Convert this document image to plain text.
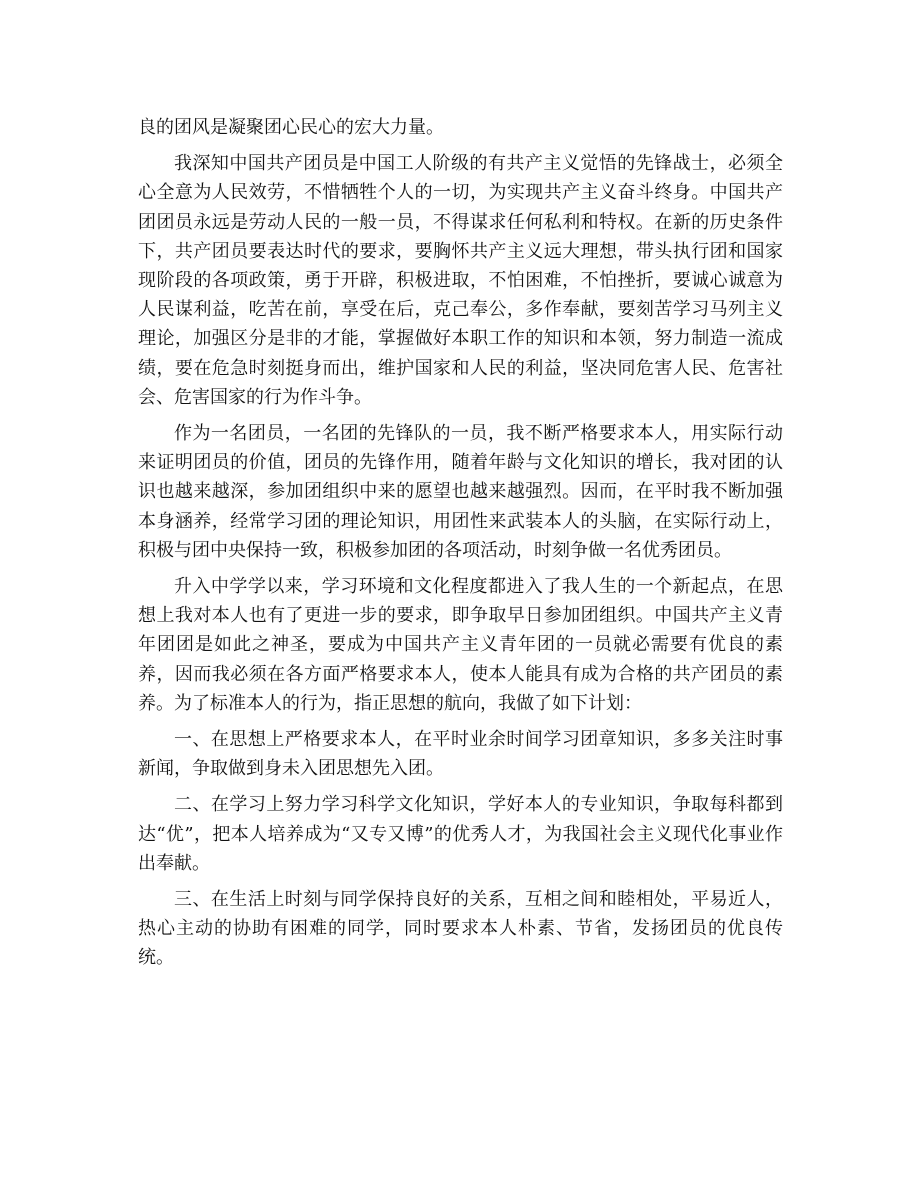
良的团风是凝聚团心民心的宏大力量。

我深知中国共产团员是中国工人阶级的有共产主义觉悟的先锋战士，必须全心全意为人民效劳，不惜牺牲个人的一切，为实现共产主义奋斗终身。中国共产团团员永远是劳动人民的一般一员，不得谋求任何私利和特权。在新的历史条件下，共产团员要表达时代的要求，要胸怀共产主义远大理想，带头执行团和国家现阶段的各项政策，勇于开辟，积极进取，不怕困难，不怕挫折，要诚心诚意为人民谋利益，吃苦在前，享受在后，克己奉公，多作奉献，要刻苦学习马列主义理论，加强区分是非的才能，掌握做好本职工作的知识和本领，努力制造一流成绩，要在危急时刻挺身而出，维护国家和人民的利益，坚决同危害人民、危害社会、危害国家的行为作斗争。

作为一名团员，一名团的先锋队的一员，我不断严格要求本人，用实际行动来证明团员的价值，团员的先锋作用，随着年龄与文化知识的增长，我对团的认识也越来越深，参加团组织中来的愿望也越来越强烈。因而，在平时我不断加强本身涵养，经常学习团的理论知识，用团性来武装本人的头脑，在实际行动上，积极与团中央保持一致，积极参加团的各项活动，时刻争做一名优秀团员。

升入中学学以来，学习环境和文化程度都进入了我人生的一个新起点，在思想上我对本人也有了更进一步的要求，即争取早日参加团组织。中国共产主义青年团团是如此之神圣，要成为中国共产主义青年团的一员就必需要有优良的素养，因而我必须在各方面严格要求本人，使本人能具有成为合格的共产团员的素养。为了标准本人的行为，指正思想的航向，我做了如下计划：

一、在思想上严格要求本人，在平时业余时间学习团章知识，多多关注时事新闻，争取做到身未入团思想先入团。

二、在学习上努力学习科学文化知识，学好本人的专业知识，争取每科都到达“优”，把本人培养成为“又专又博”的优秀人才，为我国社会主义现代化事业作出奉献。

三、在生活上时刻与同学保持良好的关系，互相之间和睦相处，平易近人，热心主动的协助有困难的同学，同时要求本人朴素、节省，发扬团员的优良传统。
